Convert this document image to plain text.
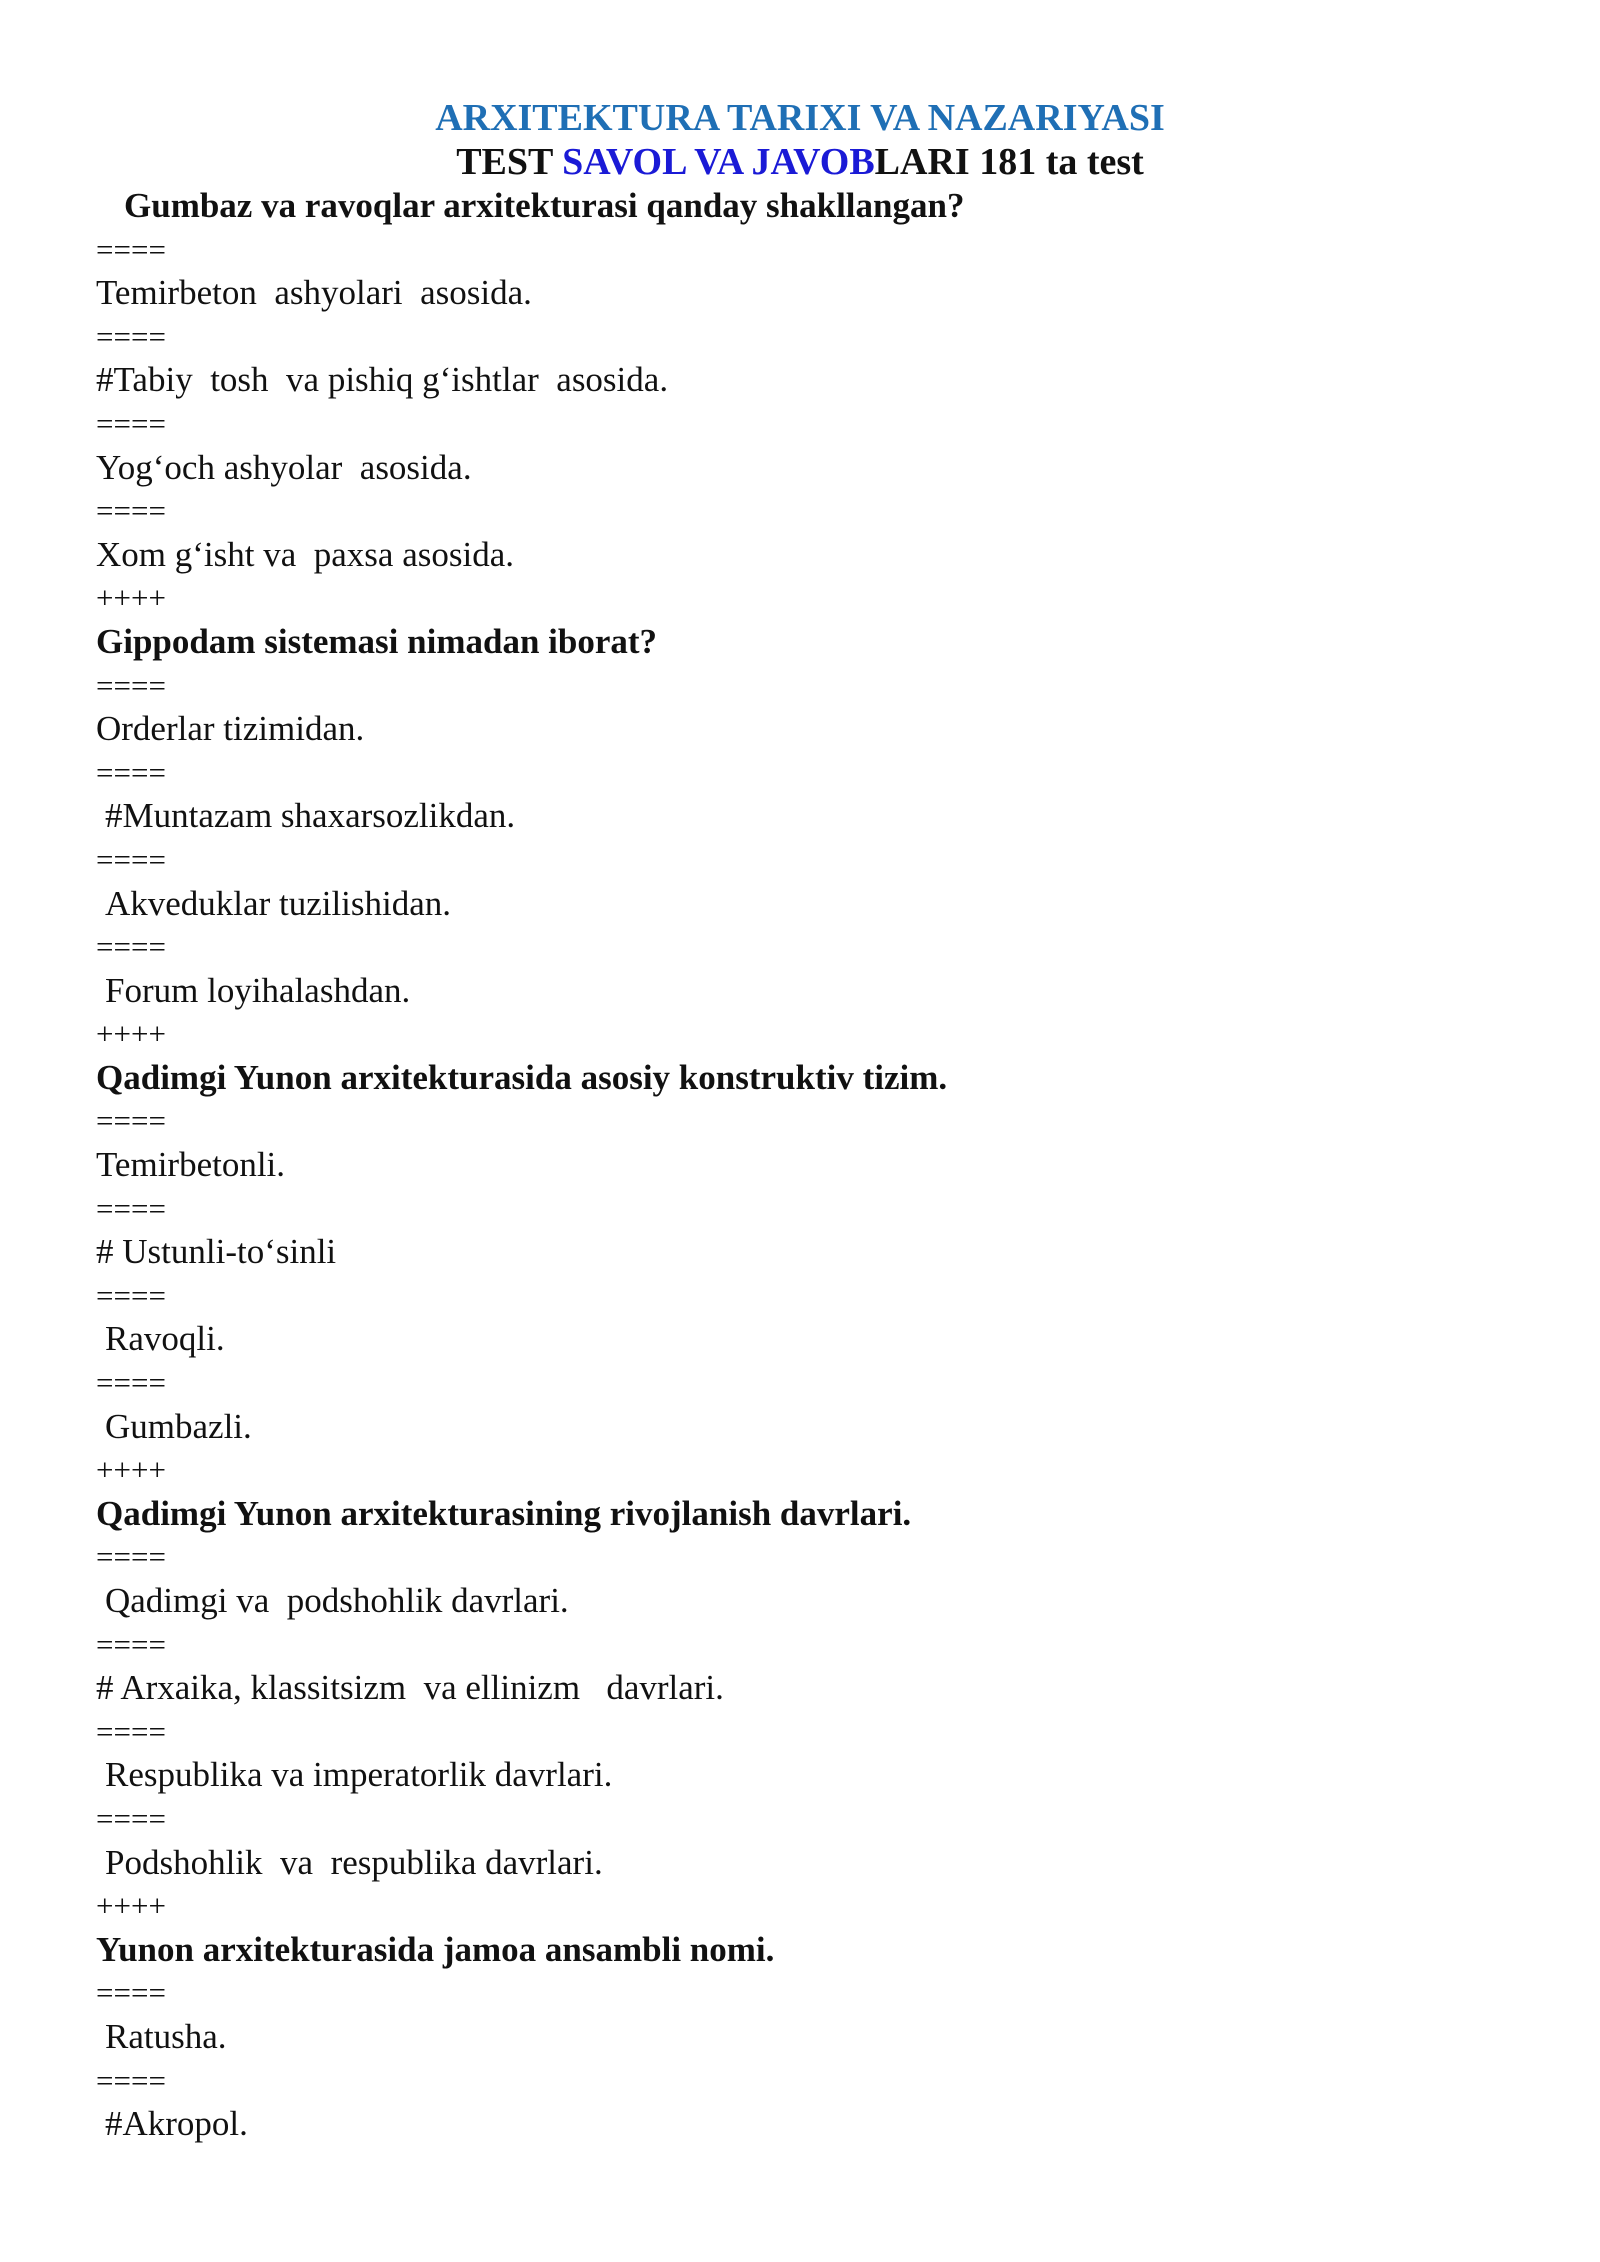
ARXITEKTURA TARIXI VA NAZARIYASI
TEST SAVOL VA JAVOBLARI 181 ta test
Gumbaz va ravoqlar arxitekturasi qanday shakllangan?
====
Temirbeton  ashyolari  asosida.
====
#Tabiy  tosh  va pishiq g‘ishtlar  asosida.
====
Yog‘och ashyolar  asosida.
====
Xom g‘isht va  paxsa asosida.
++++
Gippodam sistemasi nimadan iborat?
====
Orderlar tizimidan.
====
#Muntazam shaxarsozlikdan.
====
Akveduklar tuzilishidan.
====
Forum loyihalashdan.
++++
Qadimgi Yunon arxitekturasida asosiy konstruktiv tizim.
====
Temirbetonli.
====
# Ustunli-to‘sinli
====
Ravoqli.
====
Gumbazli.
++++
Qadimgi Yunon arxitekturasining rivojlanish davrlari.
====
Qadimgi va  podshohlik davrlari.
====
# Arxaika, klassitsizm  va ellinizm   davrlari.
====
Respublika va imperatorlik davrlari.
====
Podshohlik  va  respublika davrlari.
++++
Yunon arxitekturasida jamoa ansambli nomi.
====
Ratusha.
====
#Akropol.
